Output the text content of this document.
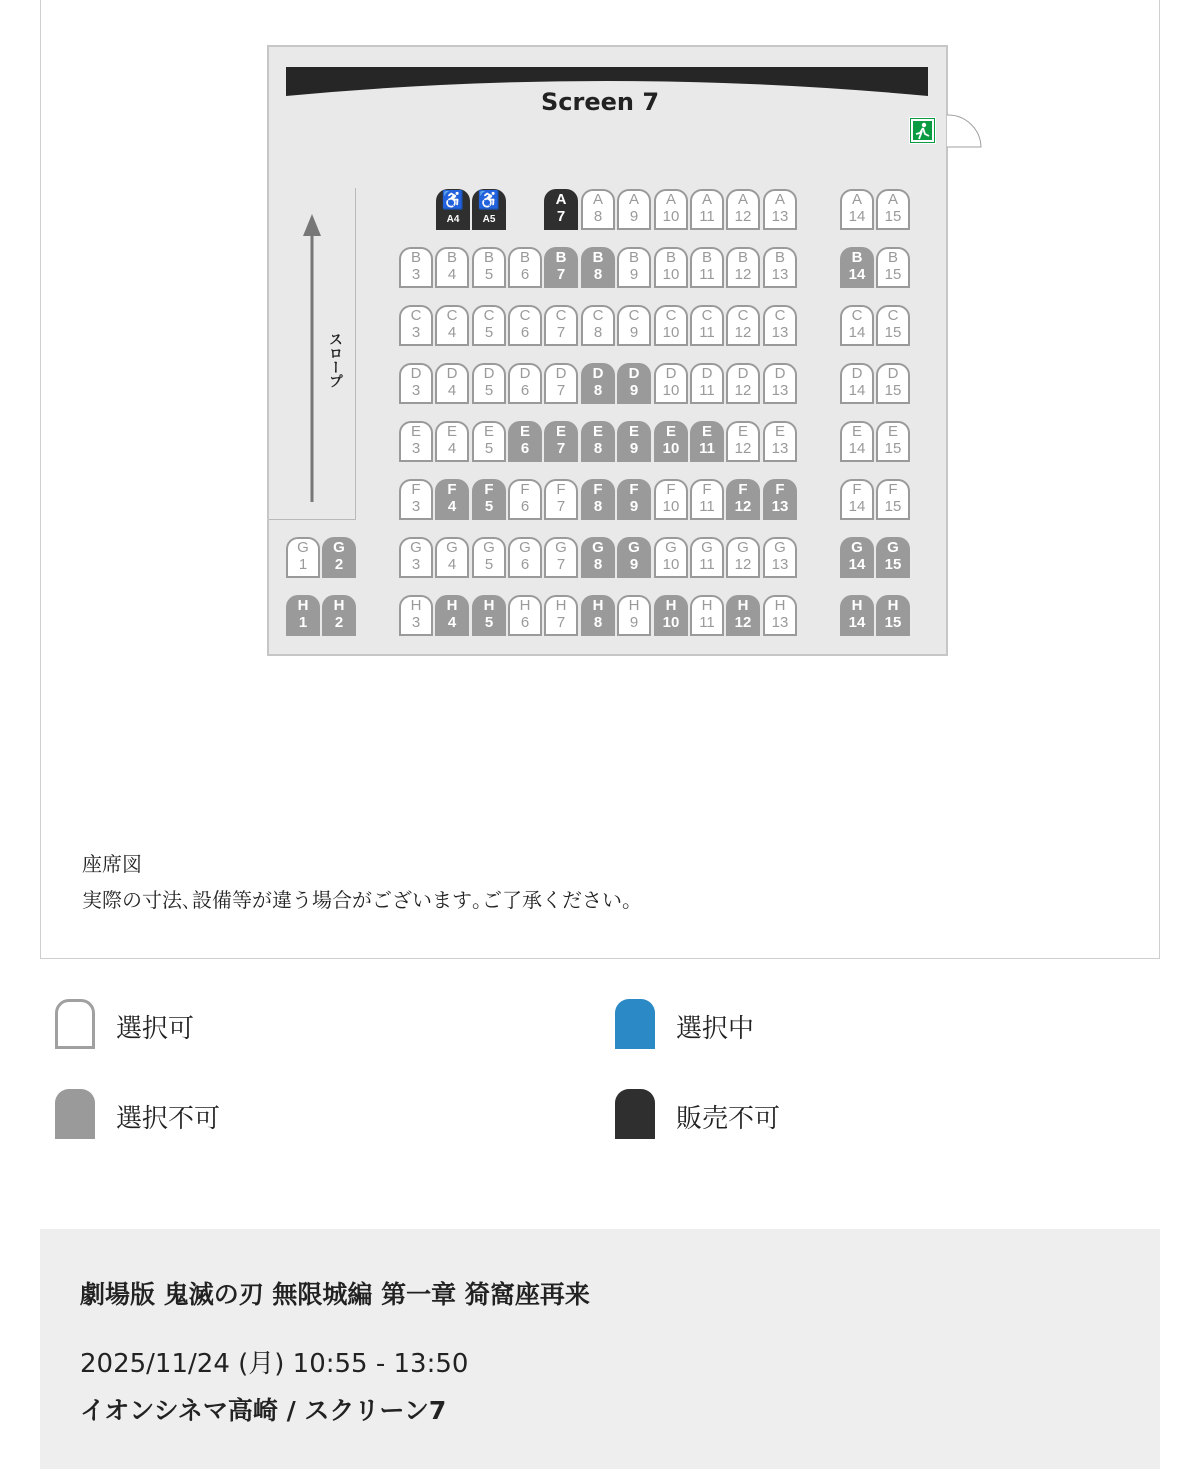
Screen 7
スロープ
♿
A4
♿
A5
A
7
A
8
A
9
A
10
A
11
A
12
A
13
A
14
A
15
B
3
B
4
B
5
B
6
B
7
B
8
B
9
B
10
B
11
B
12
B
13
B
14
B
15
C
3
C
4
C
5
C
6
C
7
C
8
C
9
C
10
C
11
C
12
C
13
C
14
C
15
D
3
D
4
D
5
D
6
D
7
D
8
D
9
D
10
D
11
D
12
D
13
D
14
D
15
E
3
E
4
E
5
E
6
E
7
E
8
E
9
E
10
E
11
E
12
E
13
E
14
E
15
F
3
F
4
F
5
F
6
F
7
F
8
F
9
F
10
F
11
F
12
F
13
F
14
F
15
G
1
G
2
G
3
G
4
G
5
G
6
G
7
G
8
G
9
G
10
G
11
G
12
G
13
G
14
G
15
H
1
H
2
H
3
H
4
H
5
H
6
H
7
H
8
H
9
H
10
H
11
H
12
H
13
H
14
H
15
座席図
実際の寸法､設備等が違う場合がございます｡ご了承ください｡
選択可	選択中
選択不可	販売不可
劇場版 鬼滅の刃 無限城編 第一章 猗窩座再来
2025/11/24 (月) 10:55 - 13:50
イオンシネマ高崎 / スクリーン7
